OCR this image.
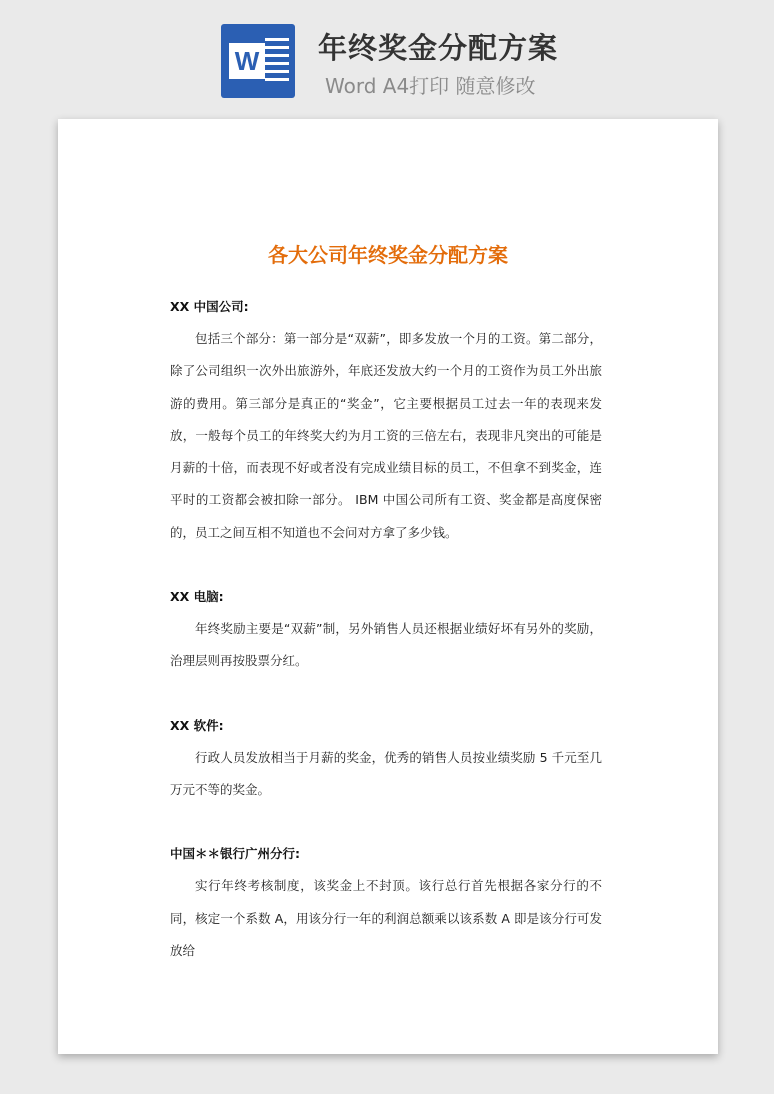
W 年终奖金分配方案
Word A4打印 随意修改
各大公司年终奖金分配方案
XX 中国公司:

包括三个部分：第一部分是“双薪”，即多发放一个月的工资。第二部分，除了公司组织一次外出旅游外，年底还发放大约一个月的工资作为员工外出旅游的费用。第三部分是真正的“奖金”，它主要根据员工过去一年的表现来发放，一般每个员工的年终奖大约为月工资的三倍左右，表现非凡突出的可能是月薪的十倍，而表现不好或者没有完成业绩目标的员工，不但拿不到奖金，连平时的工资都会被扣除一部分。 IBM 中国公司所有工资、奖金都是高度保密的，员工之间互相不知道也不会问对方拿了多少钱。

XX 电脑:

年终奖励主要是“双薪”制，另外销售人员还根据业绩好坏有另外的奖励，治理层则再按股票分红。

XX 软件:

行政人员发放相当于月薪的奖金，优秀的销售人员按业绩奖励 5 千元至几万元不等的奖金。

中国＊＊银行广州分行:

实行年终考核制度，该奖金上不封顶。该行总行首先根据各家分行的不同，核定一个系数 A，用该分行一年的利润总额乘以该系数 A 即是该分行可发放给
